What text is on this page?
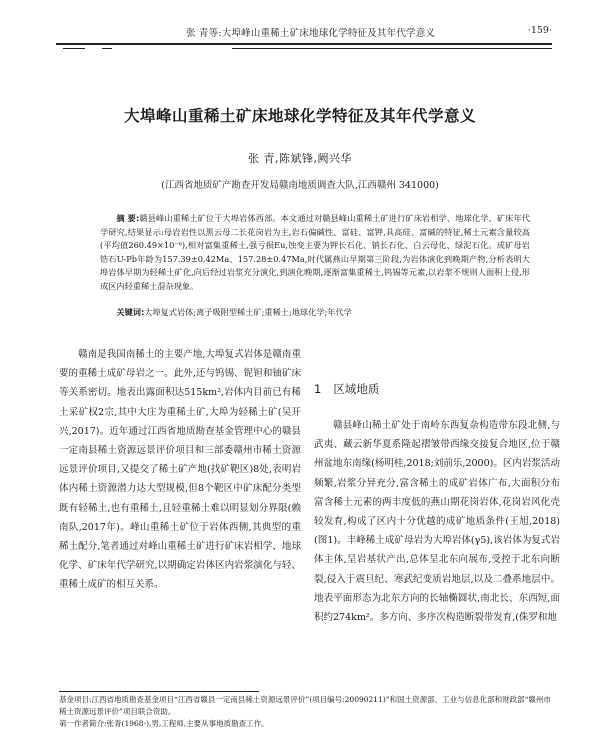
张 青等:大埠峰山重稀土矿床地球化学特征及其年代学意义	·159·
大埠峰山重稀土矿床地球化学特征及其年代学意义
张 青,陈斌锋,阙兴华
(江西省地质矿产勘查开发局赣南地质调查大队,江西赣州 341000)
摘 要:赣县峰山重稀土矿位于大埠岩体西部。本文通过对赣县峰山重稀土矿进行矿床岩相学、地球化学、矿床年代学研究,结果显示:母岩岩性以黑云母二长花岗岩为主,岩石偏碱性、富硅、富钾,具高硅、富碱的特征,稀土元素含量较高(平均值260.49×10⁻⁶),相对富集重稀土,强亏损Eu,蚀变主要为钾长石化、钠长石化、白云母化、绿泥石化。成矿母岩锆石U-Pb年龄为157.39±0.42Ma、157.28±0.47Ma,时代属燕山早期第三阶段,为岩体演化到晚期产物,分析表明大埠岩体早期为轻稀土矿化,向后经过岩浆充分演化,到演化晚期,逐渐富集重稀土,钨锡等元素,以岩浆不规则人面积上侵,形成区内轻重稀土混杂现象。
关键词:大埠复式岩体;离子吸附型稀土矿;重稀土;地球化学;年代学
赣南是我国南稀土的主要产地,大埠复式岩体是赣南重要的重稀土成矿母岩之一。此外,还与钨锡、铌钽和铀矿床等关系密切。地表出露面积达515km²,岩体内目前已有稀土采矿权2宗,其中大庄为重稀土矿,大埠为轻稀土矿(吴开兴,2017)。近年通过江西省地质勘查基金管理中心的赣县一定南县稀土资源远景评价项目和三部委赣州市稀土资源远景评价项目,又提交了稀土矿产地(找矿靶区)8处,表明岩体内稀土资源潜力达大型规模,但8个靶区中矿床配分类型既有轻稀土,也有重稀土,且轻重稀土难以明显划分界限(赖南队,2017年)。峰山重稀土矿位于岩体西侧,其典型的重稀土配分,笔者通过对峰山重稀土矿进行矿床岩相学、地球化学、矿床年代学研究,以期确定岩体区内岩浆演化与轻、重稀土成矿的相互关系。
1 区域地质
赣县峰山稀土矿处于南岭东西复杂构造带东段北侧,与武夷、藏云新华夏系隆起褶皱带西缘交接复合地区,位于赣州盆地东南缘(杨明桂,2018;刘前乐,2000)。区内岩浆活动频繁,岩浆分异充分,富含稀土的成矿岩体广布,大面积分布富含稀土元素的两丰度低的燕山期花岗岩体,花岗岩风化壳较发育,构成了区内十分优越的成矿地质条件(王旭,2018)(图1)。丰峰稀土成矿母岩为大埠岩体(γ5),该岩体为复式岩体主体,呈岩基状产出,总体呈北东向展布,受控于北东向断裂,侵入于震旦纪、寒武纪变质岩地层,以及二叠系地层中。地表平面形态为北东方向的长轴椭圆状,南北长、东西短,面积约274km²。多方向、多序次构造断裂带发育,(侏罗和地
基金项目:江西省地质勘查基金项目“江西省赣县一定南县稀土资源远景评价”(项目编号:20090211)”和国土资源部、工业与信息化部和财政部“赣州市稀土资源远景评价”项目联合资助。
第一作者简介:张青(1968-),男,工程师,主要从事地质勘查工作。
